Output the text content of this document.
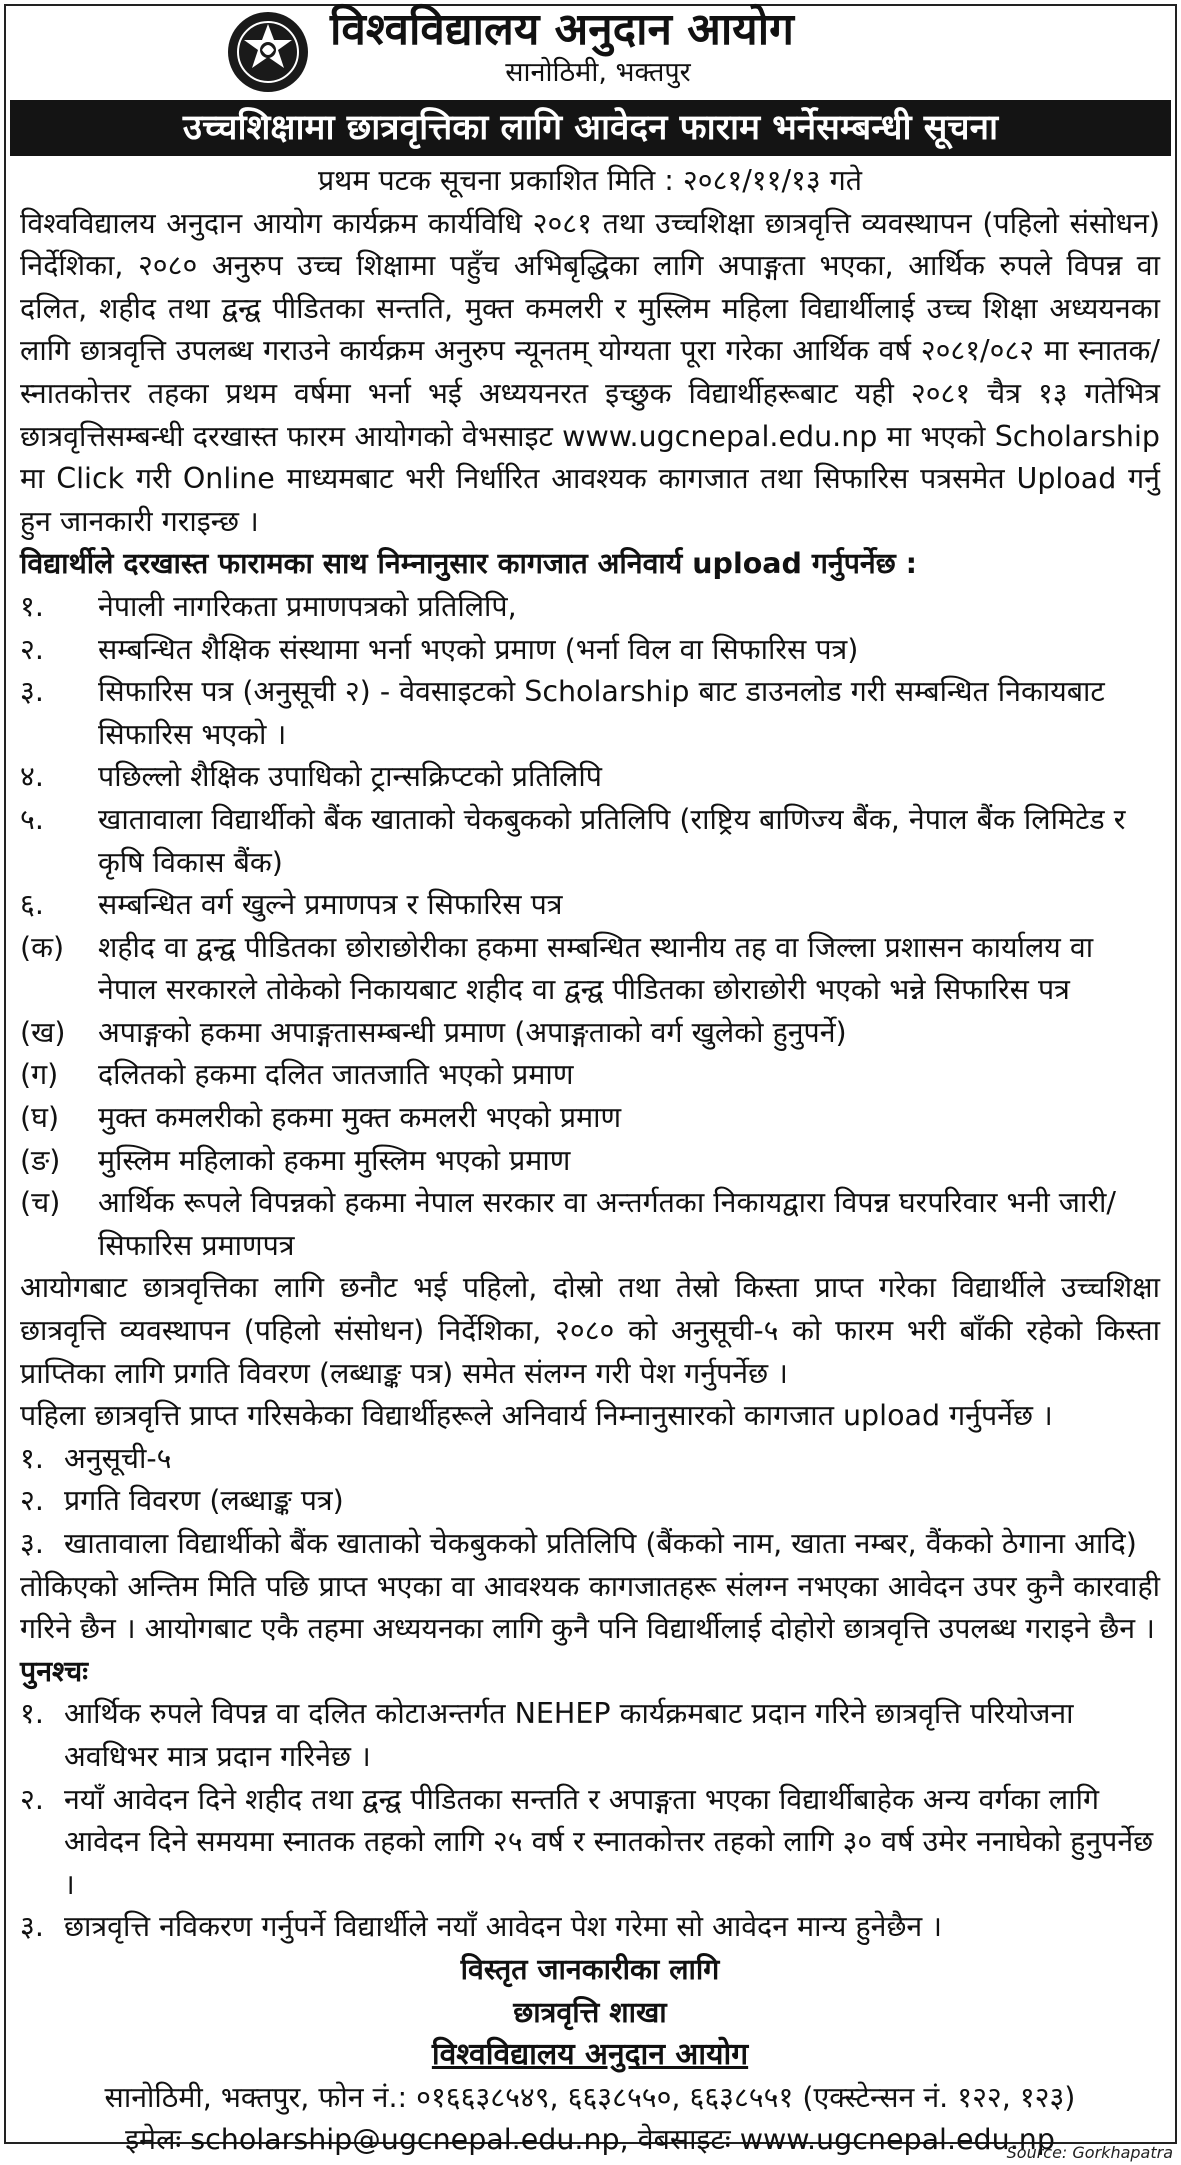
विश्वविद्यालय अनुदान आयोग
सानोठिमी, भक्तपुर
उच्चशिक्षामा छात्रवृत्तिका लागि आवेदन फाराम भर्नेसम्बन्धी सूचना

प्रथम पटक सूचना प्रकाशित मिति : २०८१/११/१३ गते

विश्वविद्यालय अनुदान आयोग कार्यक्रम कार्यविधि २०८१ तथा उच्चशिक्षा छात्रवृत्ति व्यवस्थापन (पहिलो संसोधन) निर्देशिका, २०८० अनुरुप उच्च शिक्षामा पहुँच अभिबृद्धिका लागि अपाङ्गता भएका, आर्थिक रुपले विपन्न वा दलित, शहीद तथा द्वन्द्व पीडितका सन्तति, मुक्त कमलरी र मुस्लिम महिला विद्यार्थीलाई उच्च शिक्षा अध्ययनका लागि छात्रवृत्ति उपलब्ध गराउने कार्यक्रम अनुरुप न्यूनतम् योग्यता पूरा गरेका आर्थिक वर्ष २०८१/०८२ मा स्नातक/स्नातकोत्तर तहका प्रथम वर्षमा भर्ना भई अध्ययनरत इच्छुक विद्यार्थीहरूबाट यही २०८१ चैत्र १३ गतेभित्र छात्रवृत्तिसम्बन्धी दरखास्त फारम आयोगको वेभसाइट www.ugcnepal.edu.np मा भएको Scholarship मा Click गरी Online माध्यमबाट भरी निर्धारित आवश्यक कागजात तथा सिफारिस पत्रसमेत Upload गर्नु हुन जानकारी गराइन्छ ।

विद्यार्थीले दरखास्त फारामका साथ निम्नानुसार कागजात अनिवार्य upload गर्नुपर्नेछ :

१.	नेपाली नागरिकता प्रमाणपत्रको प्रतिलिपि,
२.	सम्बन्धित शैक्षिक संस्थामा भर्ना भएको प्रमाण (भर्ना विल वा सिफारिस पत्र)
३.	सिफारिस पत्र (अनुसूची २) - वेवसाइटको Scholarship बाट डाउनलोड गरी सम्बन्धित निकायबाट सिफारिस भएको ।
४.	पछिल्लो शैक्षिक उपाधिको ट्रान्सक्रिप्टको प्रतिलिपि
५.	खातावाला विद्यार्थीको बैंक खाताको चेकबुकको प्रतिलिपि (राष्ट्रिय बाणिज्य बैंक, नेपाल बैंक लिमिटेड र कृषि विकास बैंक)
६.	सम्बन्धित वर्ग खुल्ने प्रमाणपत्र र सिफारिस पत्र
(क)	शहीद वा द्वन्द्व पीडितका छोराछोरीका हकमा सम्बन्धित स्थानीय तह वा जिल्ला प्रशासन कार्यालय वा नेपाल सरकारले तोकेको निकायबाट शहीद वा द्वन्द्व पीडितका छोराछोरी भएको भन्ने सिफारिस पत्र
(ख)	अपाङ्गको हकमा अपाङ्गतासम्बन्धी प्रमाण (अपाङ्गताको वर्ग खुलेको हुनुपर्ने)
(ग)	दलितको हकमा दलित जातजाति भएको प्रमाण
(घ)	मुक्त कमलरीको हकमा मुक्त कमलरी भएको प्रमाण
(ङ)	मुस्लिम महिलाको हकमा मुस्लिम भएको प्रमाण
(च)	आर्थिक रूपले विपन्नको हकमा नेपाल सरकार वा अन्तर्गतका निकायद्वारा विपन्न घरपरिवार भनी जारी/सिफारिस प्रमाणपत्र

आयोगबाट छात्रवृत्तिका लागि छनौट भई पहिलो, दोस्रो तथा तेस्रो किस्ता प्राप्त गरेका विद्यार्थीले उच्चशिक्षा छात्रवृत्ति व्यवस्थापन (पहिलो संसोधन) निर्देशिका, २०८० को अनुसूची-५ को फारम भरी बाँकी रहेको किस्ता प्राप्तिका लागि प्रगति विवरण (लब्धाङ्क पत्र) समेत संलग्न गरी पेश गर्नुपर्नेछ ।

पहिला छात्रवृत्ति प्राप्त गरिसकेका विद्यार्थीहरूले अनिवार्य निम्नानुसारको कागजात upload गर्नुपर्नेछ ।

१. अनुसूची-५
२. प्रगति विवरण (लब्धाङ्क पत्र)
३. खातावाला विद्यार्थीको बैंक खाताको चेकबुकको प्रतिलिपि (बैंकको नाम, खाता नम्बर, वैंकको ठेगाना आदि)

तोकिएको अन्तिम मिति पछि प्राप्त भएका वा आवश्यक कागजातहरू संलग्न नभएका आवेदन उपर कुनै कारवाही गरिने छैन । आयोगबाट एकै तहमा अध्ययनका लागि कुनै पनि विद्यार्थीलाई दोहोरो छात्रवृत्ति उपलब्ध गराइने छैन ।

पुनश्चः

१. आर्थिक रुपले विपन्न वा दलित कोटाअन्तर्गत NEHEP कार्यक्रमबाट प्रदान गरिने छात्रवृत्ति परियोजना अवधिभर मात्र प्रदान गरिनेछ ।
२. नयाँ आवेदन दिने शहीद तथा द्वन्द्व पीडितका सन्तति र अपाङ्गता भएका विद्यार्थीबाहेक अन्य वर्गका लागि आवेदन दिने समयमा स्नातक तहको लागि २५ वर्ष र स्नातकोत्तर तहको लागि ३० वर्ष उमेर ननाघेको हुनुपर्नेछ ।
३. छात्रवृत्ति नविकरण गर्नुपर्ने विद्यार्थीले नयाँ आवेदन पेश गरेमा सो आवेदन मान्य हुनेछैन ।

विस्तृत जानकारीका लागि

छात्रवृत्ति शाखा

विश्वविद्यालय अनुदान आयोग

सानोठिमी, भक्तपुर, फोन नं.: ०१६६३८५४९, ६६३८५५०, ६६३८५५१ (एक्स्टेन्सन नं. १२२, १२३)

इमेलः scholarship@ugcnepal.edu.np, वेबसाइटः www.ugcnepal.edu.np

Source: Gorkhapatra
